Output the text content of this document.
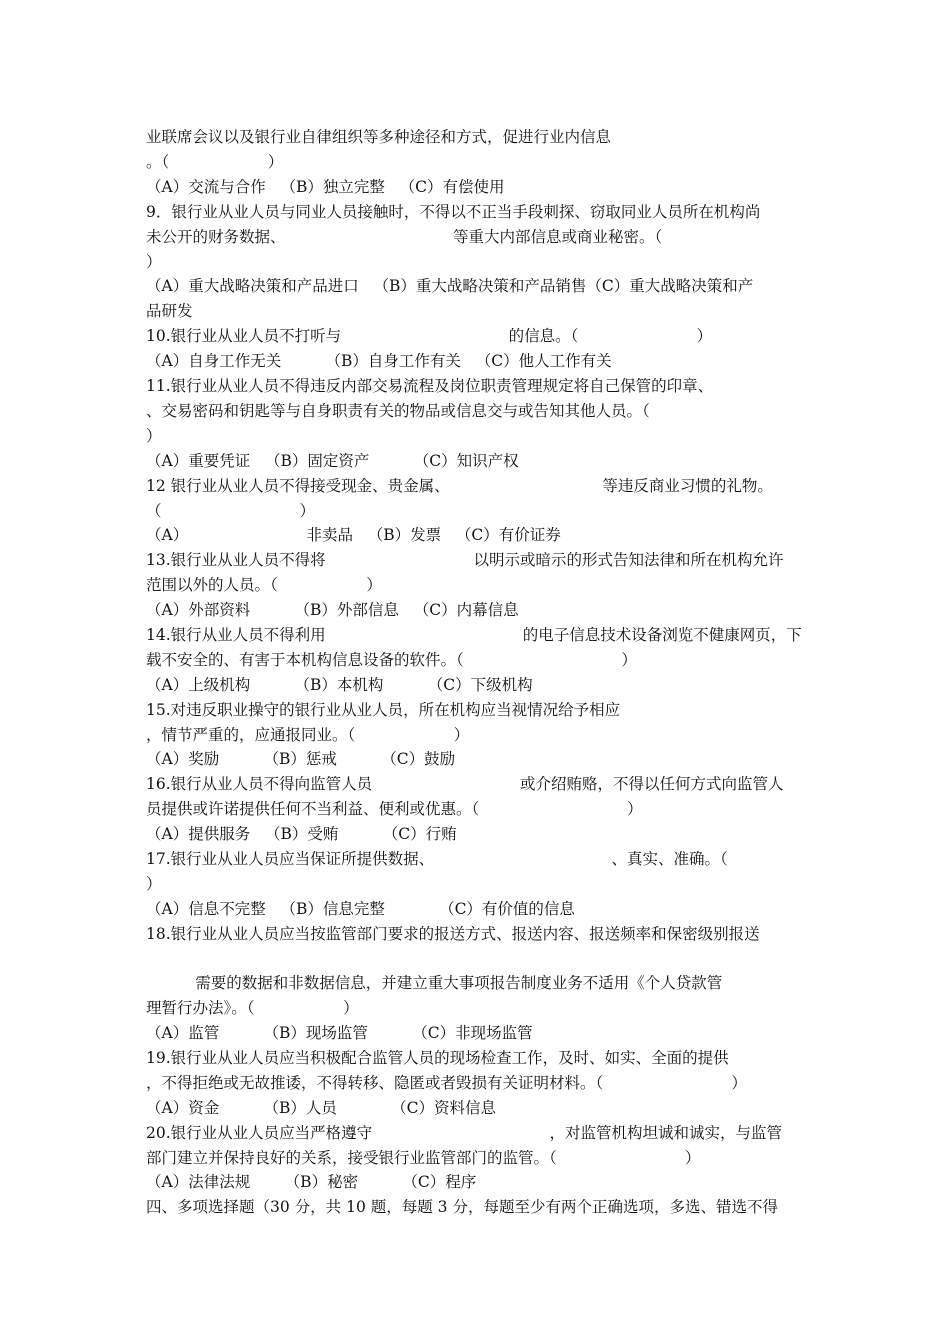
业联席会议以及银行业自律组织等多种途径和方式，促进行业内信息
。（                    ）
（A）交流与合作   （B）独立完整   （C）有偿使用
9．银行业从业人员与同业人员接触时，不得以不正当手段刺探、窃取同业人员所在机构尚
未公开的财务数据、                                  等重大内部信息或商业秘密。（
）
（A）重大战略决策和产品进口   （B）重大战略决策和产品销售（C）重大战略决策和产
品研发
10.银行业从业人员不打听与                                  的信息。（                        ）
（A）自身工作无关         （B）自身工作有关   （C）他人工作有关
11.银行业从业人员不得违反内部交易流程及岗位职责管理规定将自己保管的印章、
、交易密码和钥匙等与自身职责有关的物品或信息交与或告知其他人员。（
）
（A）重要凭证   （B）固定资产         （C）知识产权
12 银行业从业人员不得接受现金、贵金属、                               等违反商业习惯的礼物。
（                            ）
（A）                        非卖品   （B）发票   （C）有价证券
13.银行业从业人员不得将                              以明示或暗示的形式告知法律和所在机构允许
范围以外的人员。（                  ）
（A）外部资料         （B）外部信息   （C）内幕信息
14.银行从业人员不得利用                                        的电子信息技术设备浏览不健康网页，下
载不安全的、有害于本机构信息设备的软件。（                                ）
（A）上级机构         （B）本机构         （C）下级机构
15.对违反职业操守的银行业从业人员，所在机构应当视情况给予相应
，情节严重的，应通报同业。（                    ）
（A）奖励         （B）惩戒         （C）鼓励
16.银行从业人员不得向监管人员                              或介绍贿赂，不得以任何方式向监管人
员提供或许诺提供任何不当利益、便利或优惠。（                              ）
（A）提供服务   （B）受贿         （C）行贿
17.银行业从业人员应当保证所提供数据、                                    、真实、准确。（
）
（A）信息不完整   （B）信息完整           （C）有价值的信息
18.银行业从业人员应当按监管部门要求的报送方式、报送内容、报送频率和保密级别报送
需要的数据和非数据信息，并建立重大事项报告制度业务不适用《个人贷款管
理暂行办法》。（                  ）
（A）监管         （B）现场监管         （C）非现场监管
19.银行业从业人员应当积极配合监管人员的现场检查工作，及时、如实、全面的提供
，不得拒绝或无故推诿，不得转移、隐匿或者毁损有关证明材料。（                          ）
（A）资金         （B）人员           （C）资料信息
20.银行业从业人员应当严格遵守                                    ，对监管机构坦诚和诚实，与监管
部门建立并保持良好的关系，接受银行业监管部门的监管。（                          ）
（A）法律法规       （B）秘密         （C）程序
四、多项选择题（30 分，共 10 题，每题 3 分，每题至少有两个正确选项，多选、错选不得
